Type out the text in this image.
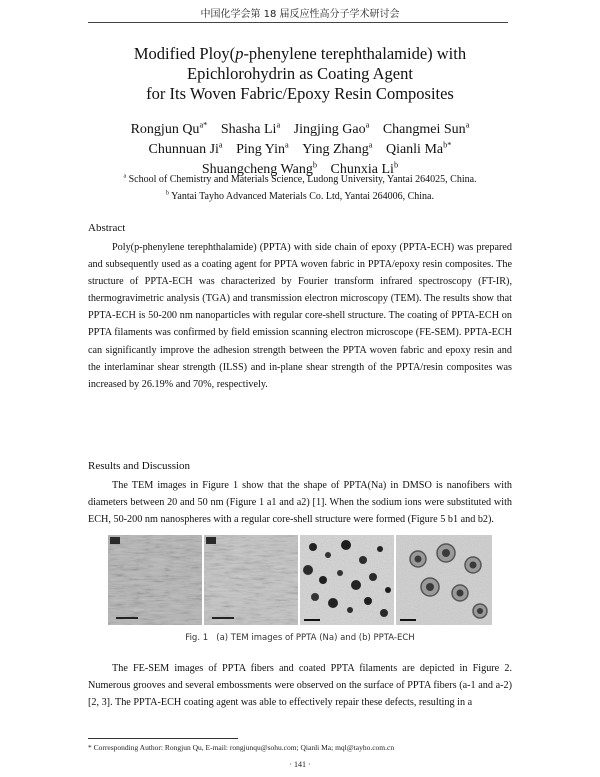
中国化学会第 18 届反应性高分子学术研讨会
Modified Ploy(p-phenylene terephthalamide) with
Epichlorohydrin as Coating Agent
for Its Woven Fabric/Epoxy Resin Composites
Rongjun $Qu^{a*}$ Shasha Li$^a$ Jingjing Gao$^a$ Changmei Sun$^a$
Chunnuan Ji$^a$ Ping Yin$^a$ Ying Zhang$^a$ Qianli $Ma^{b*}$
Shuangcheng Wang$^b$ Chunxia Li$^b$
$^a$ School of Chemistry and Materials Science, Ludong University, Yantai 264025, China.
$^b$ Yantai Tayho Advanced Materials Co. Ltd, Yantai 264006, China.
Abstract

Poly(p-phenylene terephthalamide) (PPTA) with side chain of epoxy (PPTA-ECH) was prepared and subsequently used as a coating agent for PPTA woven fabric in PPTA/epoxy resin composites. The structure of PPTA-ECH was characterized by Fourier transform infrared spectroscopy (FT-IR), thermogravimetric analysis (TGA) and transmission electron microscopy (TEM). The results show that PPTA-ECH is 50-200 nm nanoparticles with regular core-shell structure. The coating of PPTA-ECH on PPTA filaments was confirmed by field emission scanning electron microscope (FE-SEM). PPTA-ECH can significantly improve the adhesion strength between the PPTA woven fabric and epoxy resin and the interlaminar shear strength (ILSS) and in-plane shear strength of the PPTA/resin composites was increased by 26.19% and 70%, respectively.

Results and Discussion

The TEM images in Figure 1 show that the shape of PPTA(Na) in DMSO is nanofibers with diameters between 20 and 50 nm (Figure 1 a1 and a2) [1]. When the sodium ions were substituted with ECH, 50-200 nm nanospheres with a regular core-shell structure were formed (Figure 5 b1 and b2).

Fig. 1 (a) TEM images of PPTA (Na) and (b) PPTA-ECH

The FE-SEM images of PPTA fibers and coated PPTA filaments are depicted in Figure 2. Numerous grooves and several embossments were observed on the surface of PPTA fibers (a-1 and a-2) [2, 3]. The PPTA-ECH coating agent was able to effectively repair these defects, resulting in a

* Corresponding Author: Rongjun Qu, E-mail: rongjunqu@sohu.com; Qianli Ma; mql@tayho.com.cn
· 141 ·
